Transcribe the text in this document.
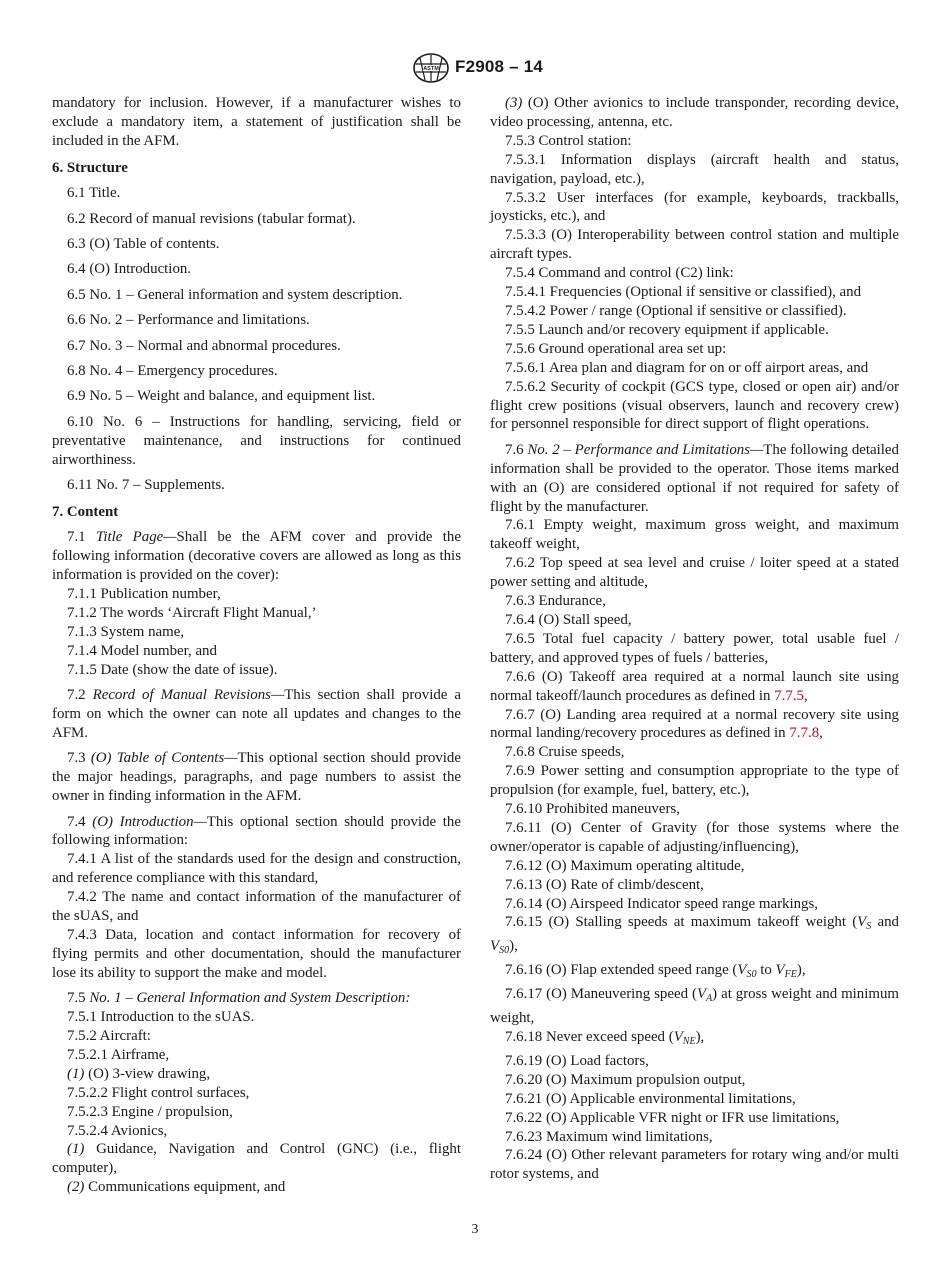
ASTM F2908 – 14

mandatory for inclusion. However, if a manufacturer wishes to exclude a mandatory item, a statement of justification shall be included in the AFM.

6. Structure

6.1 Title.

6.2 Record of manual revisions (tabular format).

6.3 (O) Table of contents.

6.4 (O) Introduction.

6.5 No. 1 – General information and system description.

6.6 No. 2 – Performance and limitations.

6.7 No. 3 – Normal and abnormal procedures.

6.8 No. 4 – Emergency procedures.

6.9 No. 5 – Weight and balance, and equipment list.

6.10 No. 6 – Instructions for handling, servicing, field or preventative maintenance, and instructions for continued airworthiness.

6.11 No. 7 – Supplements.

7. Content

7.1 Title Page—Shall be the AFM cover and provide the following information (decorative covers are allowed as long as this information is provided on the cover):

7.1.1 Publication number,

7.1.2 The words ‘Aircraft Flight Manual,’

7.1.3 System name,

7.1.4 Model number, and

7.1.5 Date (show the date of issue).

7.2 Record of Manual Revisions—This section shall provide a form on which the owner can note all updates and changes to the AFM.

7.3 (O) Table of Contents—This optional section should provide the major headings, paragraphs, and page numbers to assist the owner in finding information in the AFM.

7.4 (O) Introduction—This optional section should provide the following information:

7.4.1 A list of the standards used for the design and construction, and reference compliance with this standard,

7.4.2 The name and contact information of the manufacturer of the sUAS, and

7.4.3 Data, location and contact information for recovery of flying permits and other documentation, should the manufacturer lose its ability to support the make and model.

7.5 No. 1 – General Information and System Description:

7.5.1 Introduction to the sUAS.

7.5.2 Aircraft:

7.5.2.1 Airframe,

(1) (O) 3-view drawing,

7.5.2.2 Flight control surfaces,

7.5.2.3 Engine / propulsion,

7.5.2.4 Avionics,

(1) Guidance, Navigation and Control (GNC) (i.e., flight computer),

(2) Communications equipment, and

(3) (O) Other avionics to include transponder, recording device, video processing, antenna, etc.

7.5.3 Control station:

7.5.3.1 Information displays (aircraft health and status, navigation, payload, etc.),

7.5.3.2 User interfaces (for example, keyboards, trackballs, joysticks, etc.), and

7.5.3.3 (O) Interoperability between control station and multiple aircraft types.

7.5.4 Command and control (C2) link:

7.5.4.1 Frequencies (Optional if sensitive or classified), and

7.5.4.2 Power / range (Optional if sensitive or classified).

7.5.5 Launch and/or recovery equipment if applicable.

7.5.6 Ground operational area set up:

7.5.6.1 Area plan and diagram for on or off airport areas, and

7.5.6.2 Security of cockpit (GCS type, closed or open air) and/or flight crew positions (visual observers, launch and recovery crew) for personnel responsible for direct support of flight operations.

7.6 No. 2 – Performance and Limitations—The following detailed information shall be provided to the operator. Those items marked with an (O) are considered optional if not required for safety of flight by the manufacturer.

7.6.1 Empty weight, maximum gross weight, and maximum takeoff weight,

7.6.2 Top speed at sea level and cruise / loiter speed at a stated power setting and altitude,

7.6.3 Endurance,

7.6.4 (O) Stall speed,

7.6.5 Total fuel capacity / battery power, total usable fuel / battery, and approved types of fuels / batteries,

7.6.6 (O) Takeoff area required at a normal launch site using normal takeoff/launch procedures as defined in 7.7.5,

7.6.7 (O) Landing area required at a normal recovery site using normal landing/recovery procedures as defined in 7.7.8,

7.6.8 Cruise speeds,

7.6.9 Power setting and consumption appropriate to the type of propulsion (for example, fuel, battery, etc.),

7.6.10 Prohibited maneuvers,

7.6.11 (O) Center of Gravity (for those systems where the owner/operator is capable of adjusting/influencing),

7.6.12 (O) Maximum operating altitude,

7.6.13 (O) Rate of climb/descent,

7.6.14 (O) Airspeed Indicator speed range markings,

7.6.15 (O) Stalling speeds at maximum takeoff weight ($V_S$ and $V_{S0}$),

7.6.16 (O) Flap extended speed range ($V_{S0}$ to $V_{FE}$),

7.6.17 (O) Maneuvering speed $(V_A)$ at gross weight and minimum weight,

7.6.18 Never exceed speed $(V_{NE})$,

7.6.19 (O) Load factors,

7.6.20 (O) Maximum propulsion output,

7.6.21 (O) Applicable environmental limitations,

7.6.22 (O) Applicable VFR night or IFR use limitations,

7.6.23 Maximum wind limitations,

7.6.24 (O) Other relevant parameters for rotary wing and/or multi rotor systems, and

3
